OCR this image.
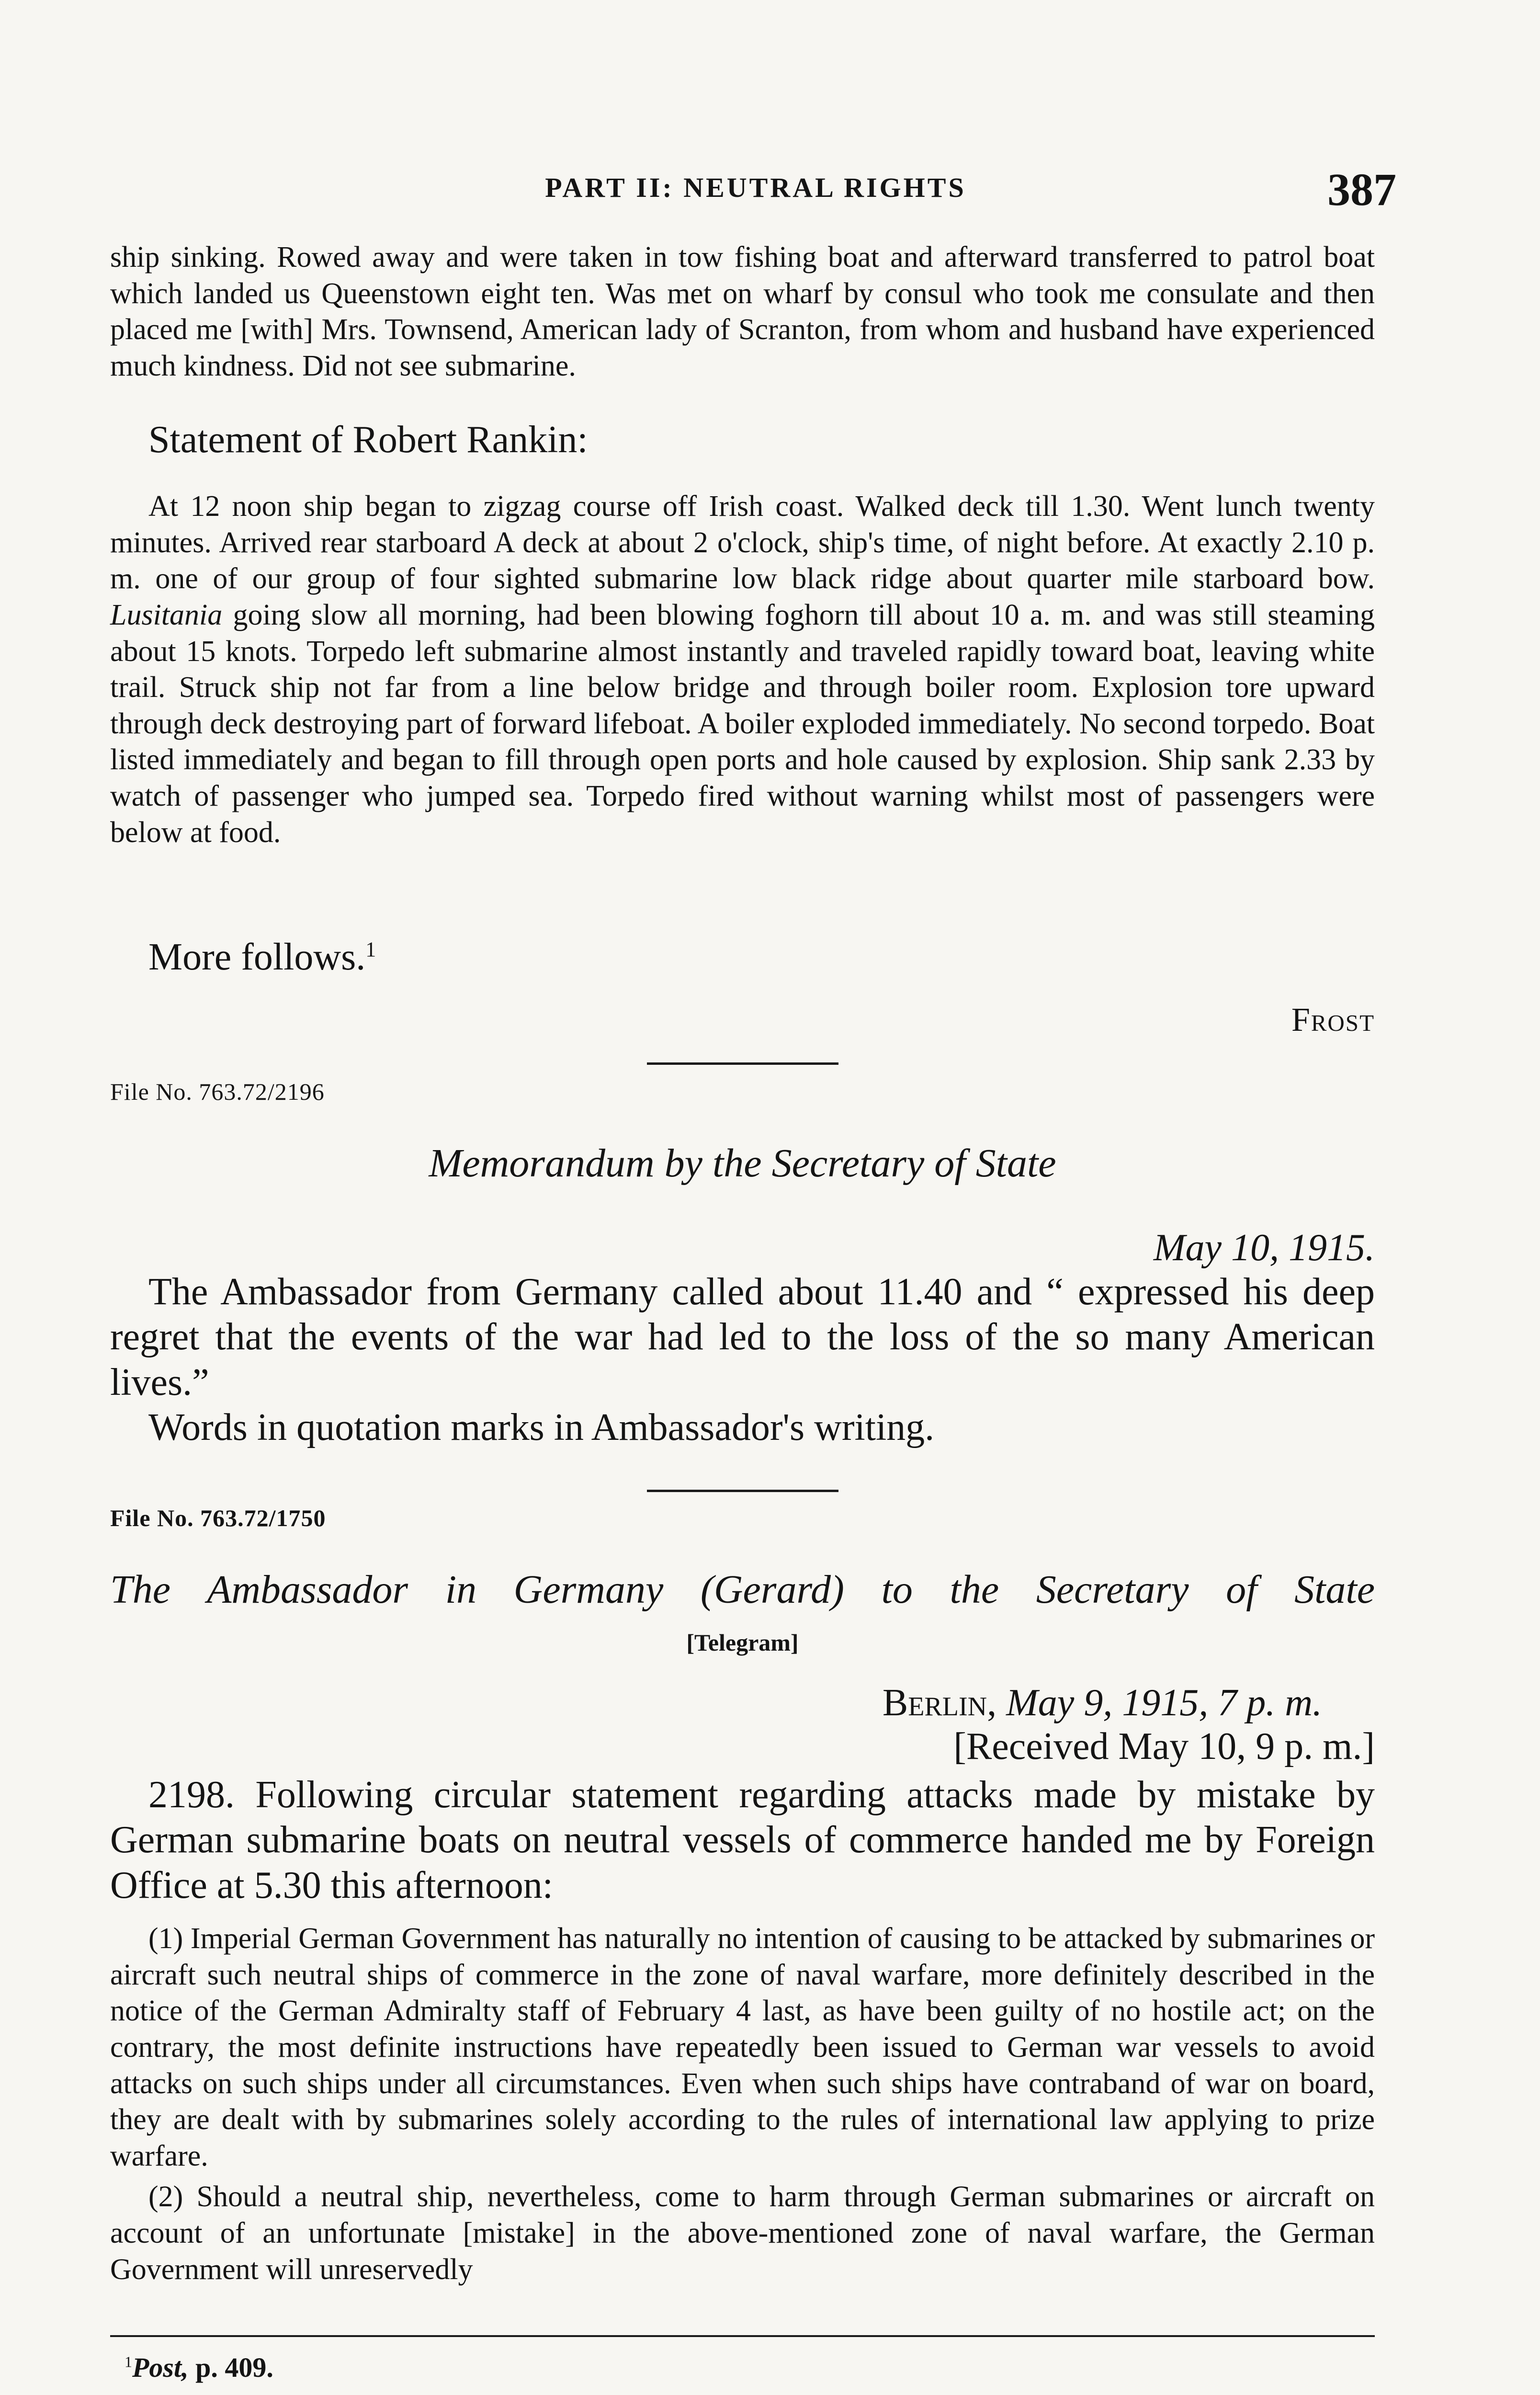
PART II: NEUTRAL RIGHTS	387

ship sinking. Rowed away and were taken in tow fishing boat and afterward transferred to patrol boat which landed us Queenstown eight ten. Was met on wharf by consul who took me consulate and then placed me [with] Mrs. Townsend, American lady of Scranton, from whom and husband have experienced much kindness. Did not see submarine.

Statement of Robert Rankin:

At 12 noon ship began to zigzag course off Irish coast. Walked deck till 1.30. Went lunch twenty minutes. Arrived rear starboard A deck at about 2 o'clock, ship's time, of night before. At exactly 2.10 p. m. one of our group of four sighted submarine low black ridge about quarter mile starboard bow. Lusitania going slow all morning, had been blowing foghorn till about 10 a. m. and was still steaming about 15 knots. Torpedo left submarine almost instantly and traveled rapidly toward boat, leaving white trail. Struck ship not far from a line below bridge and through boiler room. Explosion tore upward through deck destroying part of forward lifeboat. A boiler exploded immediately. No second torpedo. Boat listed immediately and began to fill through open ports and hole caused by explosion. Ship sank 2.33 by watch of passenger who jumped sea. Torpedo fired without warning whilst most of passengers were below at food.

More follows.$^1$

Frost

File No. 763.72/2196

Memorandum by the Secretary of State

May 10, 1915.

The Ambassador from Germany called about 11.40 and “ expressed his deep regret that the events of the war had led to the loss of the so many American lives.”

Words in quotation marks in Ambassador's writing.

File No. 763.72/1750

The Ambassador in Germany (Gerard) to the Secretary of State

[Telegram]

Berlin, May 9, 1915, 7 p. m.

[Received May 10, 9 p. m.]

2198. Following circular statement regarding attacks made by mistake by German submarine boats on neutral vessels of commerce handed me by Foreign Office at 5.30 this afternoon:

(1) Imperial German Government has naturally no intention of causing to be attacked by submarines or aircraft such neutral ships of commerce in the zone of naval warfare, more definitely described in the notice of the German Admiralty staff of February 4 last, as have been guilty of no hostile act; on the contrary, the most definite instructions have repeatedly been issued to German war vessels to avoid attacks on such ships under all circumstances. Even when such ships have contraband of war on board, they are dealt with by submarines solely according to the rules of international law applying to prize warfare.

(2) Should a neutral ship, nevertheless, come to harm through German submarines or aircraft on account of an unfortunate [mistake] in the above-mentioned zone of naval warfare, the German Government will unreservedly

$^1$Post, p. 409.
